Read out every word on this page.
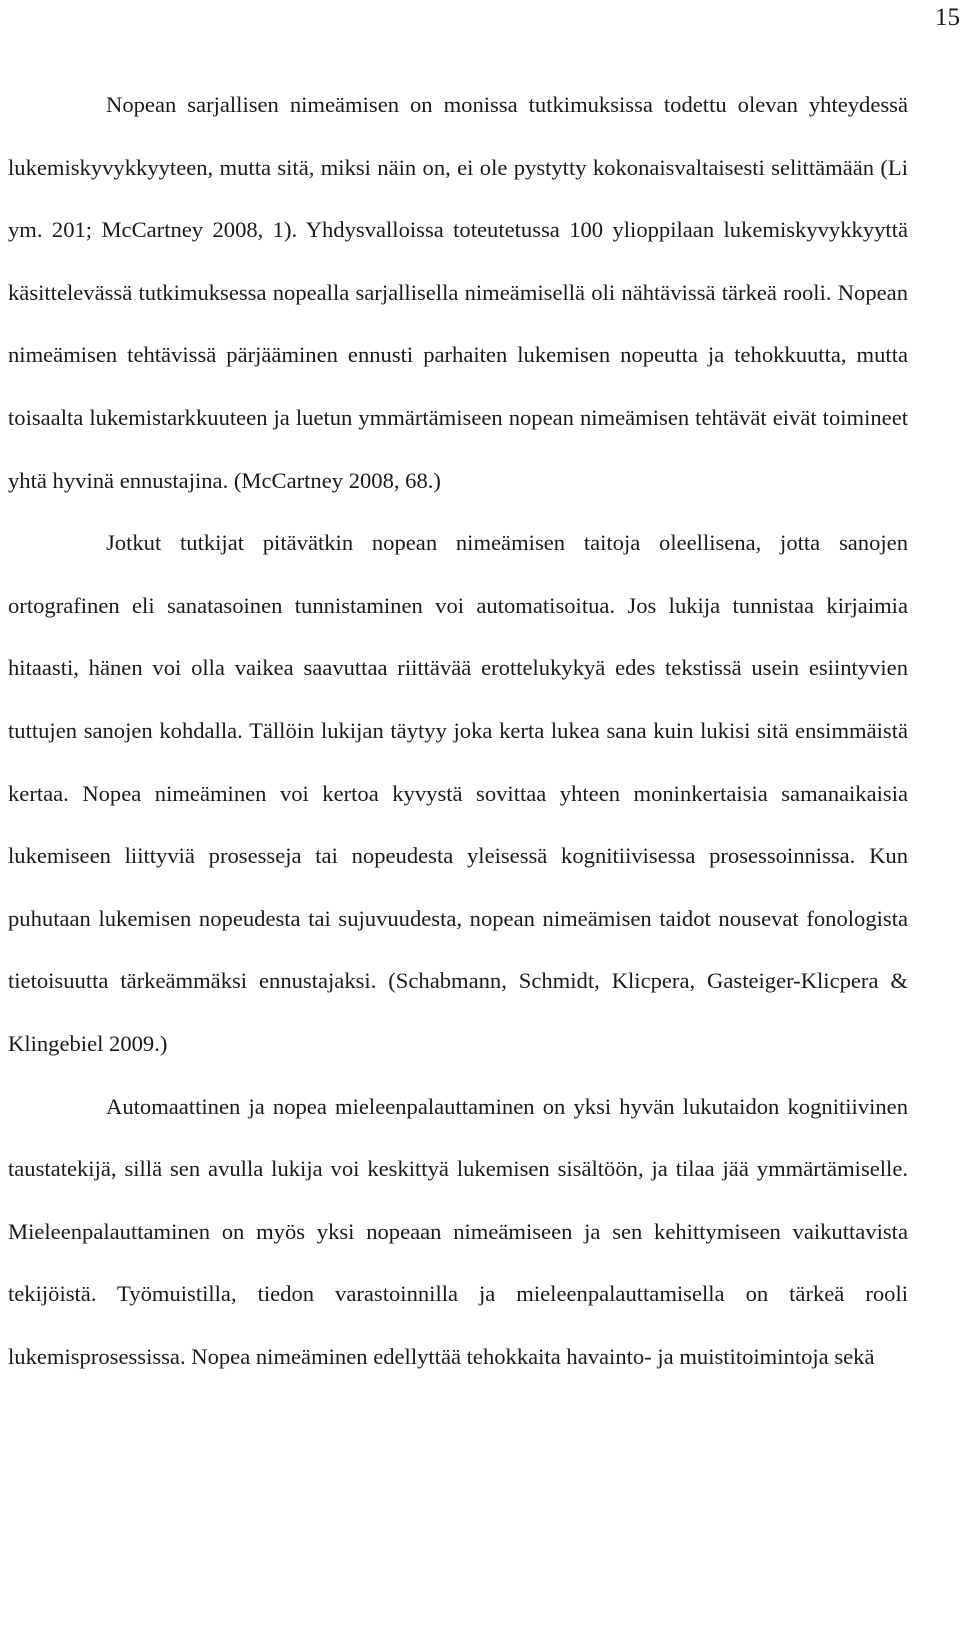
15

Nopean sarjallisen nimeämisen on monissa tutkimuksissa todettu olevan yhteydessä lukemiskyvykkyyteen, mutta sitä, miksi näin on, ei ole pystytty kokonaisvaltaisesti selittämään (Li ym. 201; McCartney 2008, 1). Yhdysvalloissa toteutetussa 100 ylioppilaan lukemiskyvykkyyttä käsittelevässä tutkimuksessa nopealla sarjallisella nimeämisellä oli nähtävissä tärkeä rooli. Nopean nimeämisen tehtävissä pärjääminen ennusti parhaiten lukemisen nopeutta ja tehokkuutta, mutta toisaalta lukemistarkkuuteen ja luetun ymmärtämiseen nopean nimeämisen tehtävät eivät toimineet yhtä hyvinä ennustajina. (McCartney 2008, 68.)

Jotkut tutkijat pitävätkin nopean nimeämisen taitoja oleellisena, jotta sanojen ortografinen eli sanatasoinen tunnistaminen voi automatisoitua. Jos lukija tunnistaa kirjaimia hitaasti, hänen voi olla vaikea saavuttaa riittävää erottelukykyä edes tekstissä usein esiintyvien tuttujen sanojen kohdalla. Tällöin lukijan täytyy joka kerta lukea sana kuin lukisi sitä ensimmäistä kertaa. Nopea nimeäminen voi kertoa kyvystä sovittaa yhteen moninkertaisia samanaikaisia lukemiseen liittyviä prosesseja tai nopeudesta yleisessä kognitiivisessa prosessoinnissa. Kun puhutaan lukemisen nopeudesta tai sujuvuudesta, nopean nimeämisen taidot nousevat fonologista tietoisuutta tärkeämmäksi ennustajaksi. (Schabmann, Schmidt, Klicpera, Gasteiger-Klicpera & Klingebiel 2009.)

Automaattinen ja nopea mieleenpalauttaminen on yksi hyvän lukutaidon kognitiivinen taustatekijä, sillä sen avulla lukija voi keskittyä lukemisen sisältöön, ja tilaa jää ymmärtämiselle. Mieleenpalauttaminen on myös yksi nopeaan nimeämiseen ja sen kehittymiseen vaikuttavista tekijöistä. Työmuistilla, tiedon varastoinnilla ja mieleenpalauttamisella on tärkeä rooli lukemisprosessissa. Nopea nimeäminen edellyttää tehokkaita havainto- ja muistitoimintoja sekä
